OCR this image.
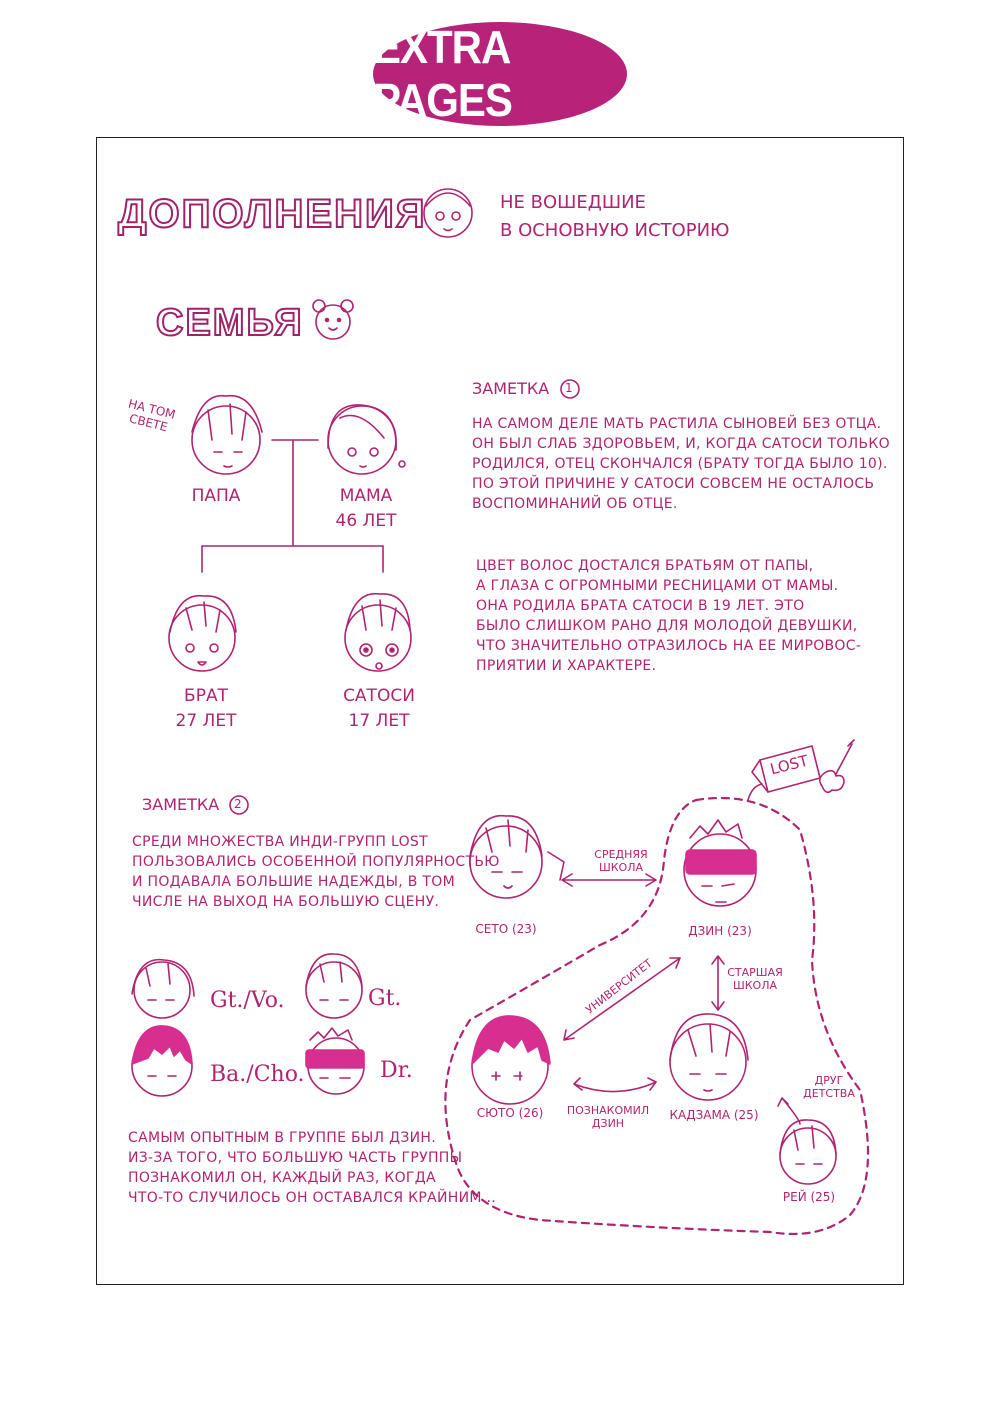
EXTRA PAGES
ДОПОЛНЕНИЯ	НЕ ВОШЕДШИЕ
В ОСНОВНУЮ ИСТОРИЮ
СЕМЬЯ
НА ТОМ
СВЕТЕ
ПАПА	МАМА
46 ЛЕТ
БРАТ
27 ЛЕТ
САТОСИ
17 ЛЕТ
ЗАМЕТКА 1
НА САМОМ ДЕЛЕ МАТЬ РАСТИЛА СЫНОВЕЙ БЕЗ ОТЦА.
ОН БЫЛ СЛАБ ЗДОРОВЬЕМ, И, КОГДА САТОСИ ТОЛЬКО
РОДИЛСЯ, ОТЕЦ СКОНЧАЛСЯ (БРАТУ ТОГДА БЫЛО 10).
ПО ЭТОЙ ПРИЧИНЕ У САТОСИ СОВСЕМ НЕ ОСТАЛОСЬ
ВОСПОМИНАНИЙ ОБ ОТЦЕ.
ЦВЕТ ВОЛОС ДОСТАЛСЯ БРАТЬЯМ ОТ ПАПЫ,
А ГЛАЗА С ОГРОМНЫМИ РЕСНИЦАМИ ОТ МАМЫ.
ОНА РОДИЛА БРАТА САТОСИ В 19 ЛЕТ. ЭТО
БЫЛО СЛИШКОМ РАНО ДЛЯ МОЛОДОЙ ДЕВУШКИ,
ЧТО ЗНАЧИТЕЛЬНО ОТРАЗИЛОСЬ НА ЕЕ МИРОВОС-
ПРИЯТИИ И ХАРАКТЕРЕ.
ЗАМЕТКА 2
СРЕДИ МНОЖЕСТВА ИНДИ-ГРУПП LOST
ПОЛЬЗОВАЛИСЬ ОСОБЕННОЙ ПОПУЛЯРНОСТЬЮ
И ПОДАВАЛА БОЛЬШИЕ НАДЕЖДЫ, В ТОМ
ЧИСЛЕ НА ВЫХОД НА БОЛЬШУЮ СЦЕНУ.
САМЫМ ОПЫТНЫМ В ГРУППЕ БЫЛ ДЗИН.
ИЗ-ЗА ТОГО, ЧТО БОЛЬШУЮ ЧАСТЬ ГРУППЫ
ПОЗНАКОМИЛ ОН, КАЖДЫЙ РАЗ, КОГДА
ЧТО-ТО СЛУЧИЛОСЬ ОН ОСТАВАЛСЯ КРАЙНИМ...
Gt./Vo.	Gt.
Ba./Cho.	Dr.
LOST
СЕТО (23)	ДЗИН (23)
СЮТО (26)	КАДЗАМА (25)
РЕЙ (25)
СРЕДНЯЯ
ШКОЛА
СТАРШАЯ
ШКОЛА
УНИВЕРСИТЕТ
ПОЗНАКОМИЛ
ДЗИН
ДРУГ
ДЕТСТВА
